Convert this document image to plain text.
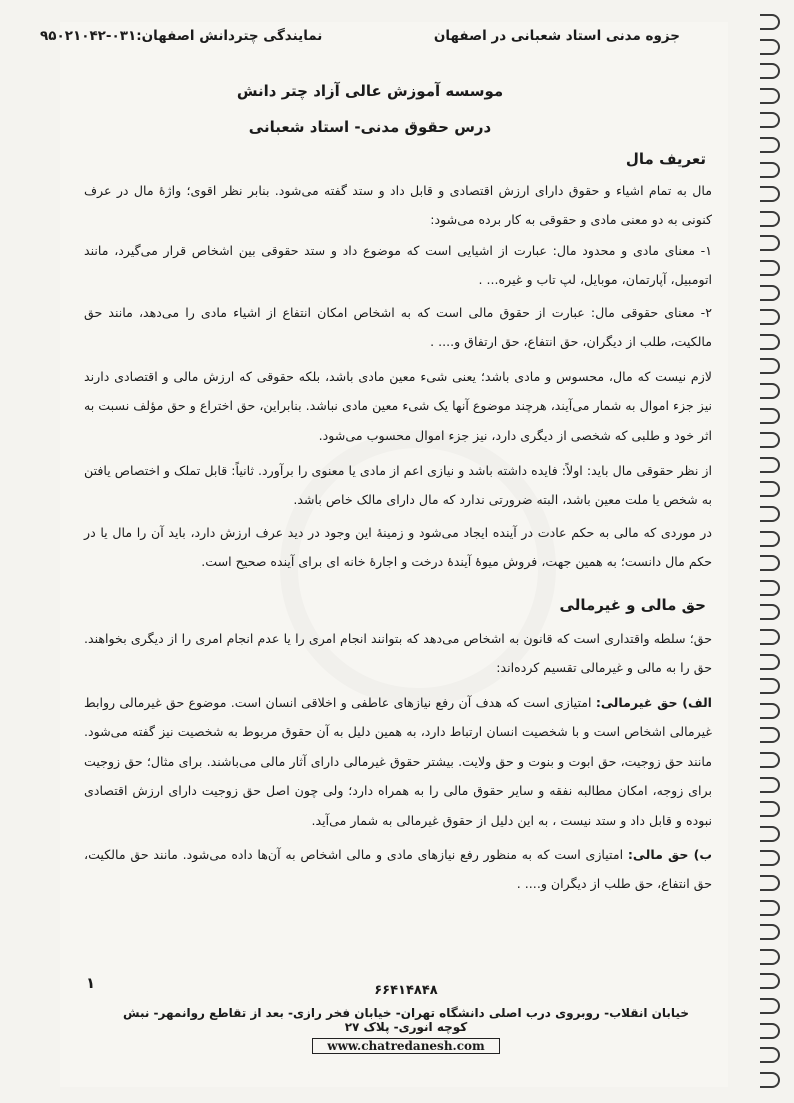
جزوه مدنی استاد شعبانی در اصفهان
نمایندگی چتردانش اصفهان:۰۳۱-۹۵۰۲۱۰۴۲
موسسه آموزش عالی آزاد چتر دانش
درس حقوق مدنی- استاد شعبانی
تعریف مال
مال به تمام اشیاء و حقوق دارای ارزش اقتصادی و قابل داد و ستد گفته می‌شود. بنابر نظر اقوی؛ واژۀ مال در عرف کنونی به دو معنی مادی و حقوقی به کار برده می‌شود:
۱- معنای مادی و محدود مال: عبارت از اشیایی است که موضوع داد و ستد حقوقی بین اشخاص قرار می‌گیرد، مانند اتومبیل، آپارتمان، موبایل، لپ تاب و غیره... .
۲- معنای حقوقی مال: عبارت از حقوق مالی است که به اشخاص امکان انتفاع از اشیاء مادی را می‌دهد، مانند حق مالکیت، طلب از دیگران، حق انتفاع، حق ارتفاق و.... .
لازم نیست که مال، محسوس و مادی باشد؛ یعنی شیء معین مادی باشد، بلکه حقوقی که ارزش مالی و اقتصادی دارند نیز جزء اموال به شمار می‌آیند، هرچند موضوع آنها یک شیء معین مادی نباشد. بنابراین، حق اختراع و حق مؤلف نسبت به اثر خود و طلبی که شخصی از دیگری دارد، نیز جزء اموال محسوب می‌شود.
از نظر حقوقی مال باید: اولاً: فایده داشته باشد و نیازی اعم از مادی یا معنوی را برآورد. ثانیاً: قابل تملک و اختصاص یافتن به شخص یا ملت معین باشد، البته ضرورتی ندارد که مال دارای مالک خاص باشد.
در موردی که مالی به حکم عادت در آینده ایجاد می‌شود و زمینۀ این وجود در دید عرف ارزش دارد، باید آن را مال یا در حکم مال دانست؛ به همین جهت، فروش میوۀ آیندۀ درخت و اجارۀ خانه ای برای آینده صحیح است.
حق مالی و غیرمالی
حق؛ سلطه واقتداری است که قانون به اشخاص می‌دهد که بتوانند انجام امری را یا عدم انجام امری را از دیگری بخواهند. حق را به مالی و غیرمالی تقسیم کرده‌اند:
الف) حق غیرمالی: امتیازی است که هدف آن رفع نیازهای عاطفی و اخلاقی انسان است. موضوع حق غیرمالی روابط غیرمالی اشخاص است و با شخصیت انسان ارتباط دارد، به همین دلیل به آن حقوق مربوط به شخصیت نیز گفته می‌شود. مانند حق زوجیت، حق ابوت و بنوت و حق ولایت. بیشتر حقوق غیرمالی دارای آثار مالی می‌باشند. برای مثال؛ حق زوجیت برای زوجه، امکان مطالبه نفقه و سایر حقوق مالی را به همراه دارد؛ ولی چون اصل حق زوجیت دارای ارزش اقتصادی نبوده و قابل داد و ستد نیست ، به این دلیل از حقوق غیرمالی به شمار می‌آید.
ب) حق مالی: امتیازی است که به منظور رفع نیازهای مادی و مالی اشخاص به آن‌ها داده می‌شود. مانند حق مالکیت، حق انتفاع، حق طلب از دیگران و.... .
۱	۶۶۴۱۴۸۴۸
خیابان انقلاب- روبروی درب اصلی دانشگاه تهران- خیابان فخر رازی- بعد از تقاطع روانمهر- نبش کوچه انوری- پلاک ۲۷
www.chatredanesh.com
